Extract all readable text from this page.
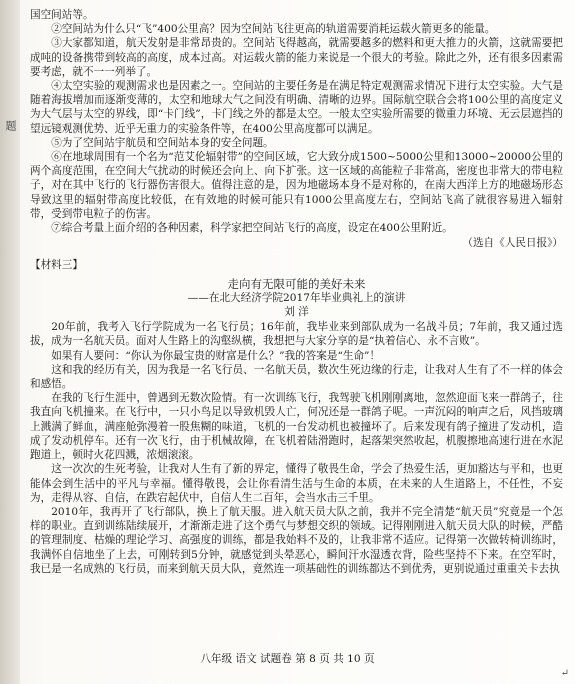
题

国空间站等。

②空间站为什么只“飞”400公里高？因为空间站飞往更高的轨道需要消耗运载火箭更多的能量。

③大家都知道，航天发射是非常昂贵的。空间站飞得越高，就需要越多的燃料和更大推力的火箭，这就需要把成吨的设备携带到较高的高度，成本过高。对运载火箭的能力来说是一个很大的考验。除此之外，还有很多因素需要考虑，就不一一列举了。

④太空实验的观测需求也是因素之一。空间站的主要任务是在满足特定观测需求情况下进行太空实验。大气是随着海拔增加而逐渐变薄的，太空和地球大气之间没有明确、清晰的边界。国际航空联合会将100公里的高度定义为大气层与太空的界线，即“卡门线”，卡门线之外的都是太空。一般太空实验所需要的微重力环境、无云层遮挡的望远镜观测优势、近乎无重力的实验条件等，在400公里高度都可以满足。

⑤为了空间站宇航员和空间站本身的安全问题。

⑥在地球周围有一个名为“范艾伦辐射带”的空间区域，它大致分成1500~5000公里和13000~20000公里的两个高度范围，在空间大气扰动的时候还会向上、向下扩张。这一区域的高能粒子非常高，密度也非常大的带电粒子，对在其中飞行的飞行器伤害很大。值得注意的是，因为地磁场本身不是对称的，在南大西洋上方的地磁场形态导致这里的辐射带高度比较低，在有效地的时候可能只有1000公里高度左右，空间站飞高了就很容易进入辐射带，受到带电粒子的伤害。

⑦综合考量上面介绍的各种因素，科学家把空间站飞行的高度，设定在400公里附近。

（选自《人民日报》）

【材料三】

走向有无限可能的美好未来

——在北大经济学院2017年毕业典礼上的演讲

刘 洋

20年前，我考入飞行学院成为一名飞行员；16年前，我毕业来到部队成为一名战斗员；7年前，我又通过选拔，成为一名航天员。面对人生路上的沟壑纵横，我想把与大家分享的是“执着信心、永不言败”。

如果有人要问：“你认为你最宝贵的财富是什么？”我的答案是“生命”！

这和我的经历有关，因为我是一名飞行员、一名航天员，数次生死边缘的行走，让我对人生有了不一样的体会和感悟。

在我的飞行生涯中，曾遇到无数次险情。有一次训练飞行，我驾驶飞机刚刚离地，忽然迎面飞来一群鸽子，往我直向飞机撞来。在飞行中，一只小鸟足以导致机毁人亡，何况还是一群鸽子呢。一声沉闷的响声之后，风挡玻璃上溅满了鲜血，满座舱弥漫着一股焦糊的味道，飞机的一台发动机也被撞坏了。后来发现有鸽子撞进了发动机，造成了发动机停车。还有一次飞行，由于机械故障，在飞机着陆滑跑时，起落架突然收起，机腹擦地高速行进在水泥跑道上，顿时火花四溅，浓烟滚滚。

这一次次的生死考验，让我对人生有了新的界定，懂得了敬畏生命，学会了热爱生活，更加豁达与平和，也更能体会到生活中的平凡与幸福。懂得敬畏，会让你看清生活与生命的本质，在未来的人生道路上，不任性，不妄为，走得从容、自信，在跌宕起伏中，自信人生二百年，会当水击三千里。

2010年，我再开了飞行部队，换上了航天服。进入航天员大队之前，我并不完全清楚“航天员”究竟是一个怎样的职业。直到训练陆续展开，才渐渐走进了这个勇气与梦想交织的领域。记得刚刚进入航天员大队的时候，严酷的管理制度、枯燥的理论学习、高强度的训练，都是我始料不及的，让我非常不适应。记得第一次做转椅训练时，我满怀自信地坐了上去，可刚转到5分钟，就感觉到头晕恶心，瞬间汗水湿透衣背，险些坚持不下来。在空军时，我已是一名成熟的飞行员，而来到航天员大队，竟然连一项基础性的训练都达不到优秀，更别说通过重重关卡去执

八年级 语文 试题卷 第 8 页 共 10 页
↵
